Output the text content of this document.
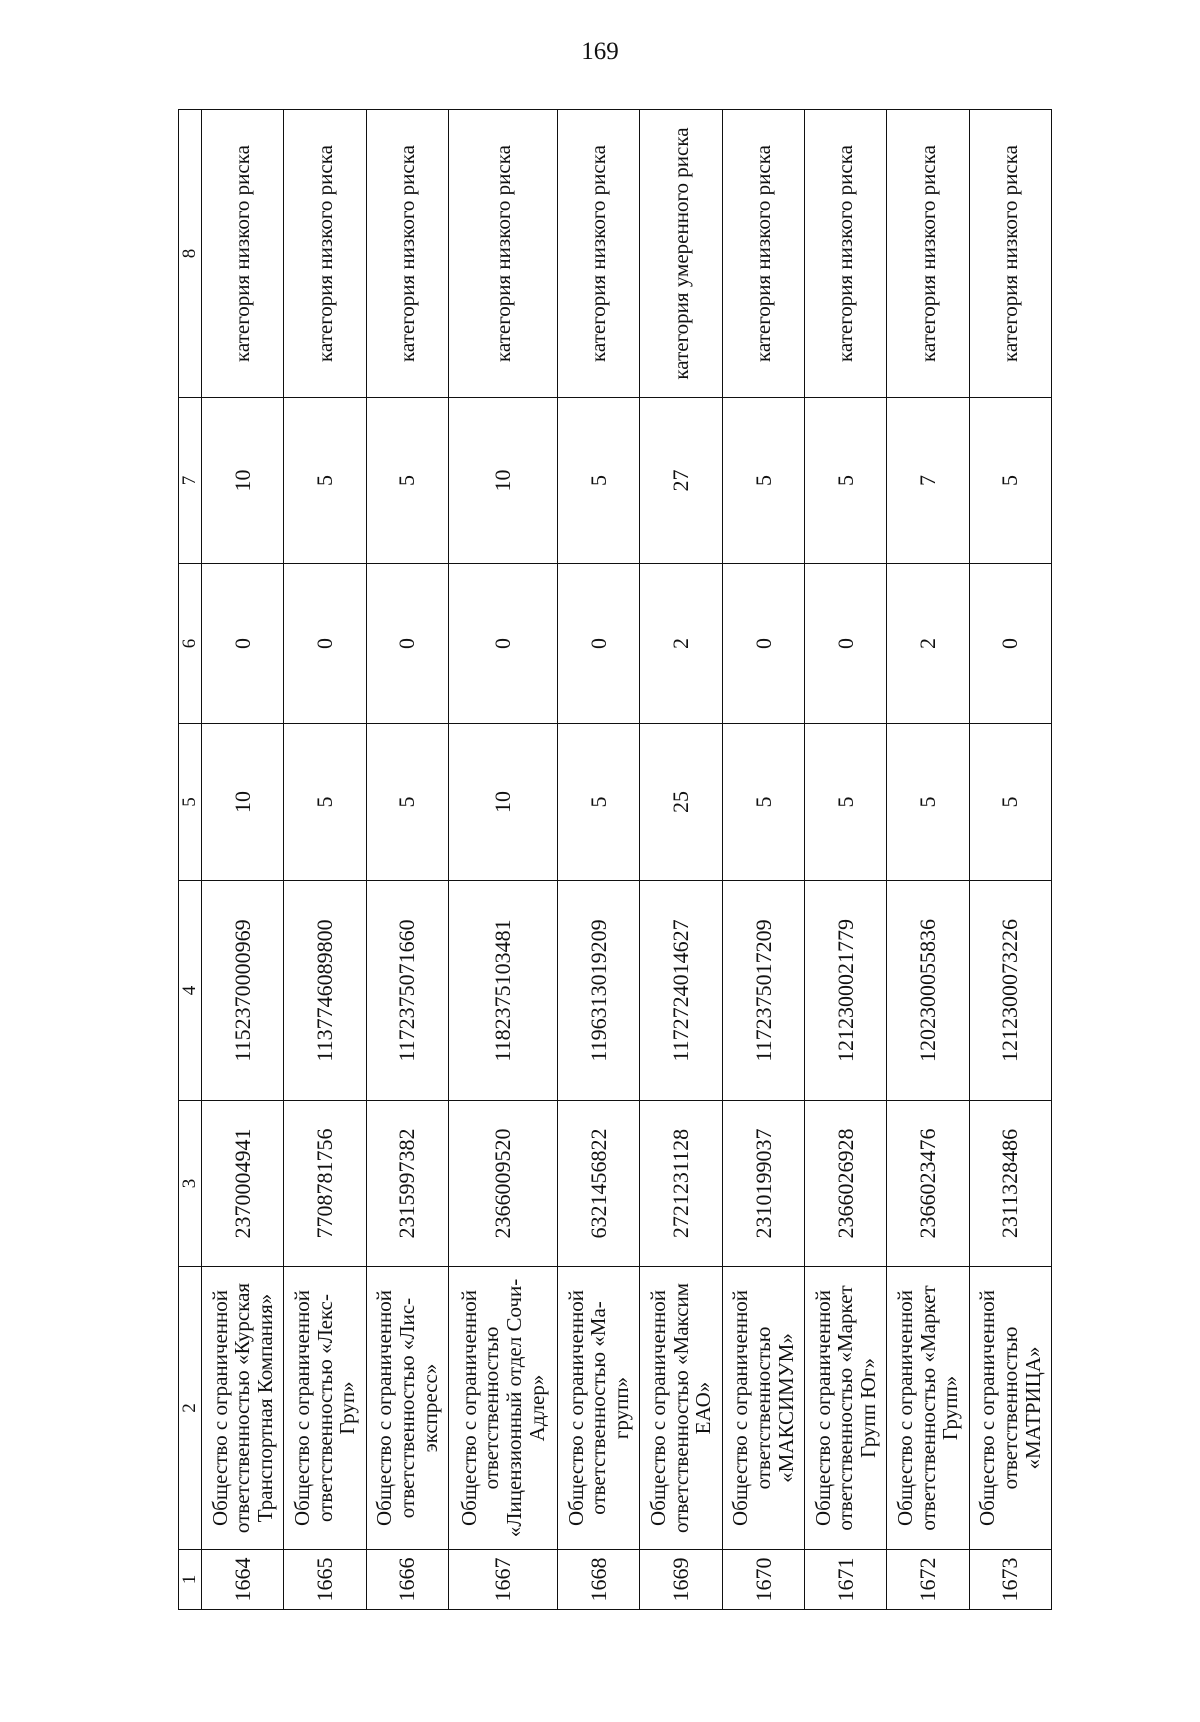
169
1	2	3	4	5	6	7	8
1664	Общество с ограниченной ответственностью «Курская Транспортная Компания»	2370004941	1152370000969	10	0	10	категория низкого риска
1665	Общество с ограниченной ответственностью «Лекс-Груп»	7708781756	1137746089800	5	0	5	категория низкого риска
1666	Общество с ограниченной ответственностью «Лис-экспресс»	2315997382	1172375071660	5	0	5	категория низкого риска
1667	Общество с ограниченной ответственностью «Лицензионный отдел Сочи-Адлер»	2366009520	1182375103481	10	0	10	категория низкого риска
1668	Общество с ограниченной ответственностью «Ма-групп»	6321456822	1196313019209	5	0	5	категория низкого риска
1669	Общество с ограниченной ответственностью «Максим ЕАО»	2721231128	1172724014627	25	2	27	категория умеренного риска
1670	Общество с ограниченной ответственностью «МАКСИМУМ»	2310199037	1172375017209	5	0	5	категория низкого риска
1671	Общество с ограниченной ответственностью «Маркет Групп Юг»	2366026928	1212300021779	5	0	5	категория низкого риска
1672	Общество с ограниченной ответственностью «Маркет Групп»	2366023476	1202300055836	5	2	7	категория низкого риска
1673	Общество с ограниченной ответственностью «МАТРИЦА»	2311328486	1212300073226	5	0	5	категория низкого риска
